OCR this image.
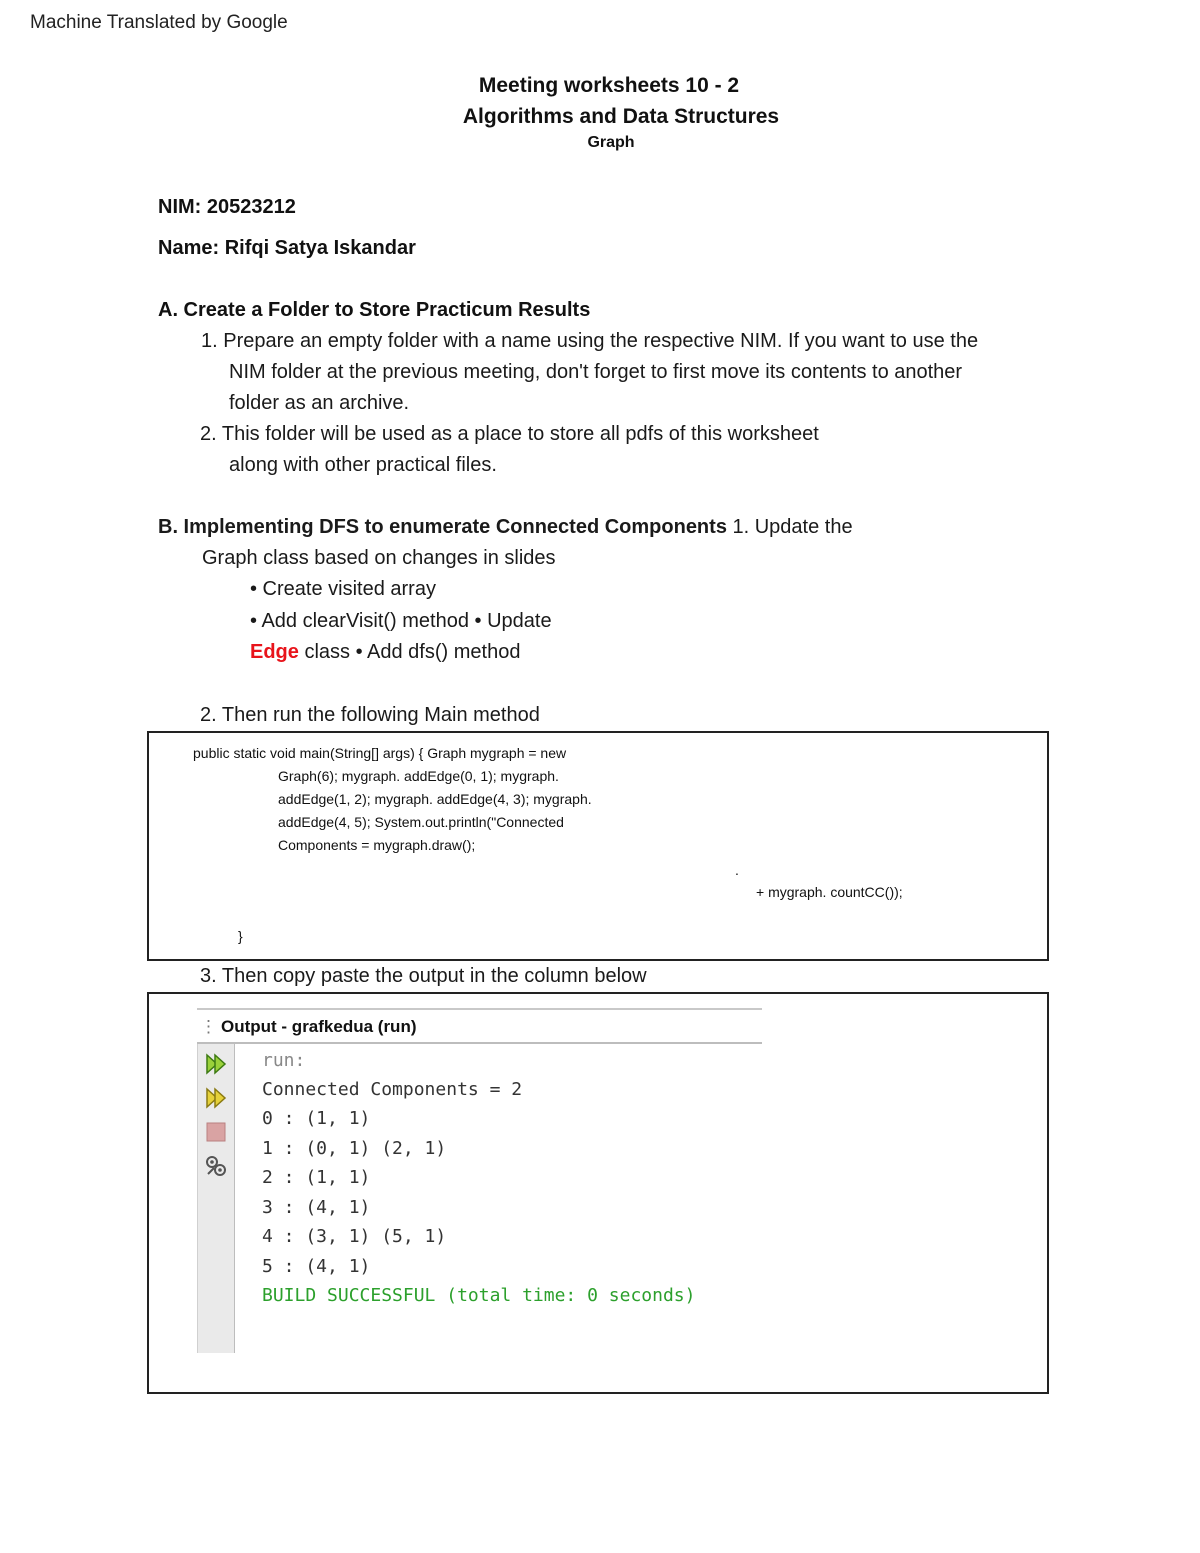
Machine Translated by Google
Meeting worksheets 10 - 2
Algorithms and Data Structures
Graph
NIM: 20523212
Name: Rifqi Satya Iskandar
A. Create a Folder to Store Practicum Results
1. Prepare an empty folder with a name using the respective NIM. If you want to use the
NIM folder at the previous meeting, don't forget to first move its contents to another
folder as an archive.
2. This folder will be used as a place to store all pdfs of this worksheet
along with other practical files.
B. Implementing DFS to enumerate Connected Components 1. Update the
Graph class based on changes in slides
• Create visited array
• Add clearVisit() method • Update
Edge class • Add dfs() method
2. Then run the following Main method
public static void main(String[] args) { Graph mygraph = new
Graph(6); mygraph. addEdge(0, 1); mygraph.
addEdge(1, 2); mygraph. addEdge(4, 3); mygraph.
addEdge(4, 5); System.out.println("Connected
Components = mygraph.draw();
.
+ mygraph. countCC());
}
3. Then copy paste the output in the column below
⋮ Output - grafkedua (run)
run:
Connected Components = 2
0 : (1, 1)
1 : (0, 1) (2, 1)
2 : (1, 1)
3 : (4, 1)
4 : (3, 1) (5, 1)
5 : (4, 1)
BUILD SUCCESSFUL (total time: 0 seconds)
